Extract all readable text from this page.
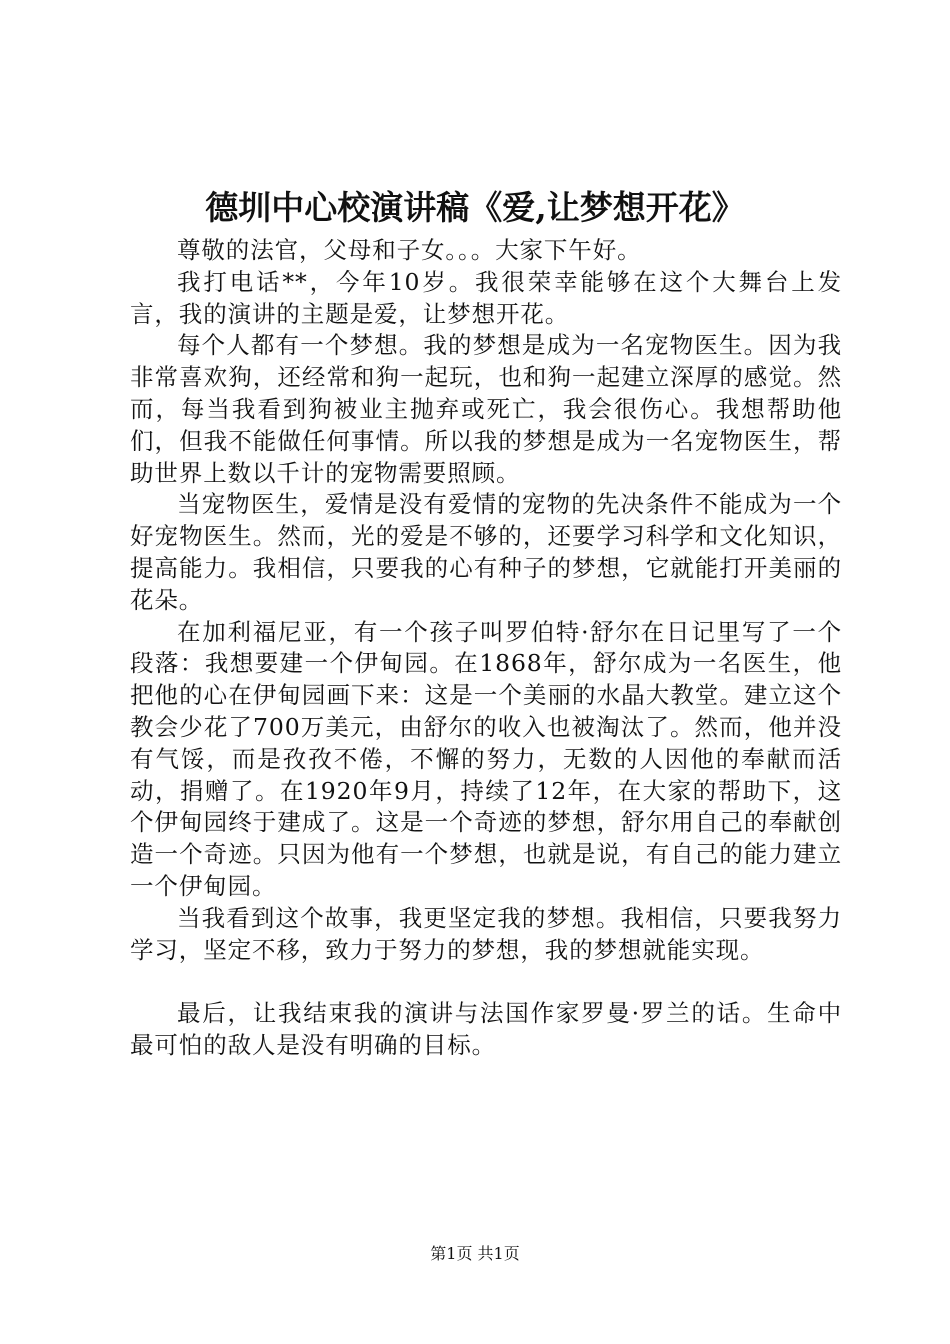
德圳中心校演讲稿《爱,让梦想开花》

尊敬的法官，父母和子女。。。大家下午好。

我打电话**，今年10岁。我很荣幸能够在这个大舞台上发言，我的演讲的主题是爱，让梦想开花。

每个人都有一个梦想。我的梦想是成为一名宠物医生。因为我非常喜欢狗，还经常和狗一起玩，也和狗一起建立深厚的感觉。然而，每当我看到狗被业主抛弃或死亡，我会很伤心。我想帮助他们，但我不能做任何事情。所以我的梦想是成为一名宠物医生，帮助世界上数以千计的宠物需要照顾。

当宠物医生，爱情是没有爱情的宠物的先决条件不能成为一个好宠物医生。然而，光的爱是不够的，还要学习科学和文化知识，提高能力。我相信，只要我的心有种子的梦想，它就能打开美丽的花朵。

在加利福尼亚，有一个孩子叫罗伯特·舒尔在日记里写了一个段落：我想要建一个伊甸园。在1868年，舒尔成为一名医生，他把他的心在伊甸园画下来：这是一个美丽的水晶大教堂。建立这个教会少花了700万美元，由舒尔的收入也被淘汰了。然而，他并没有气馁，而是孜孜不倦，不懈的努力，无数的人因他的奉献而活动，捐赠了。在1920年9月，持续了12年，在大家的帮助下，这个伊甸园终于建成了。这是一个奇迹的梦想，舒尔用自己的奉献创造一个奇迹。只因为他有一个梦想，也就是说，有自己的能力建立一个伊甸园。

当我看到这个故事，我更坚定我的梦想。我相信，只要我努力学习，坚定不移，致力于努力的梦想，我的梦想就能实现。

最后，让我结束我的演讲与法国作家罗曼·罗兰的话。生命中最可怕的敌人是没有明确的目标。

第1页 共1页
